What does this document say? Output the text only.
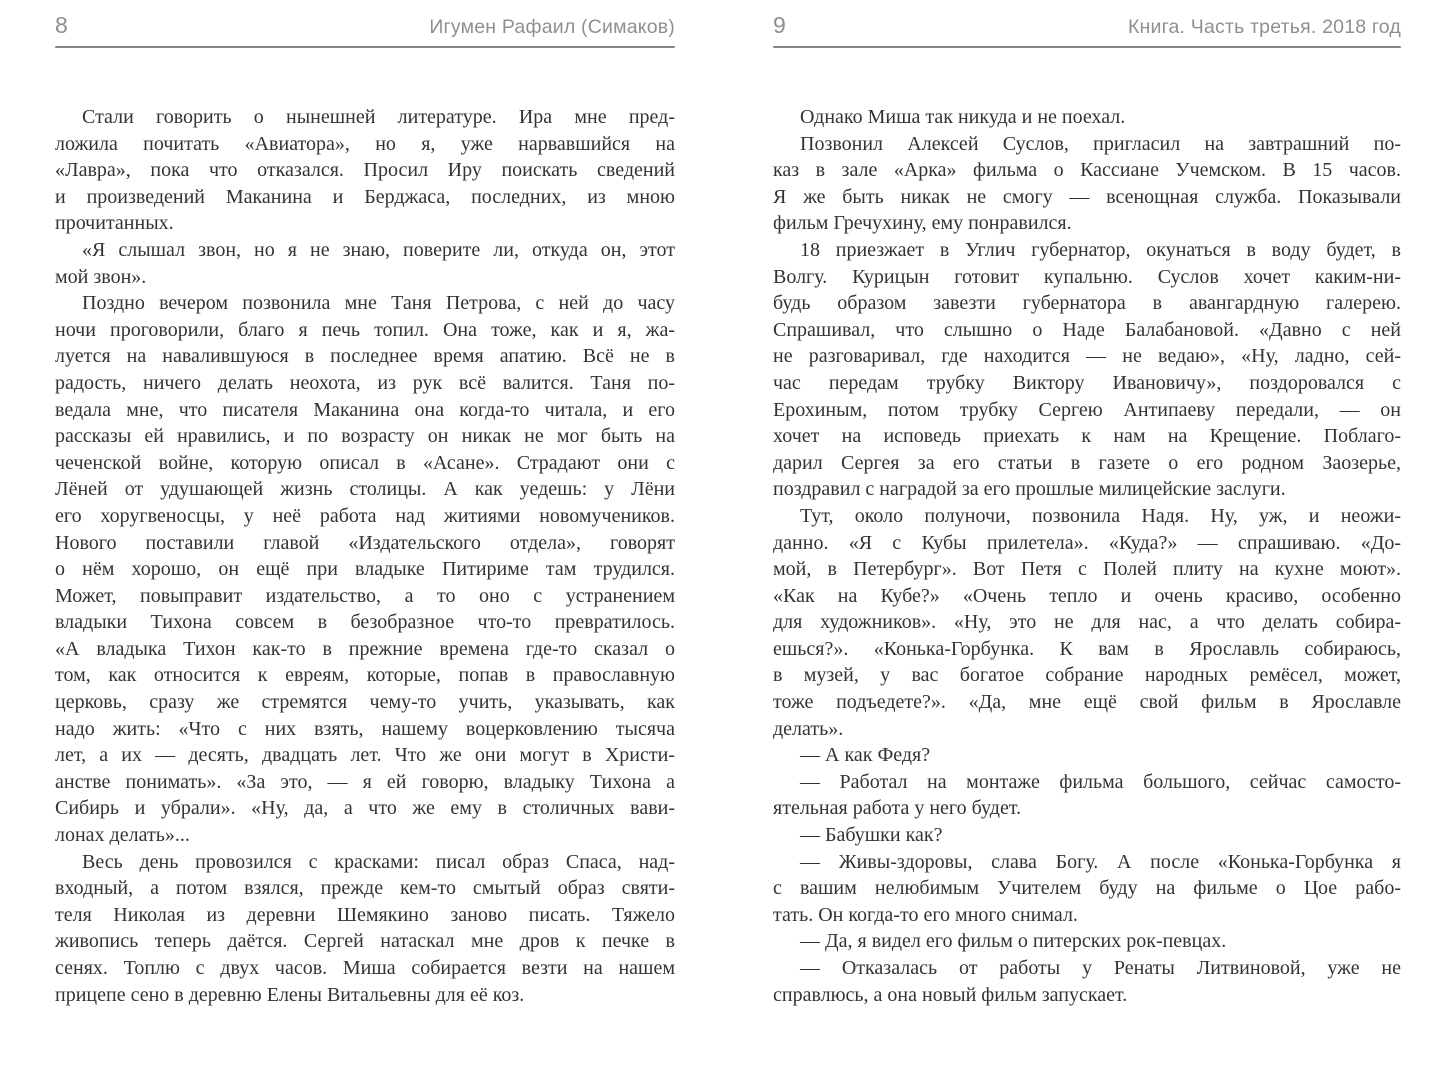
8	Игумен Рафаил (Симаков)
Стали говорить о нынешней литературе. Ира мне пред-
ложила почитать «Авиатора», но я, уже нарвавшийся на
«Лавра», пока что отказался. Просил Иру поискать сведений
и произведений Маканина и Берджаса, последних, из мною
прочитанных.
«Я слышал звон, но я не знаю, поверите ли, откуда он, этот
мой звон».
Поздно вечером позвонила мне Таня Петрова, с ней до часу
ночи проговорили, благо я печь топил. Она тоже, как и я, жа-
луется на навалившуюся в последнее время апатию. Всё не в
радость, ничего делать неохота, из рук всё валится. Таня по-
ведала мне, что писателя Маканина она когда-то читала, и его
рассказы ей нравились, и по возрасту он никак не мог быть на
чеченской войне, которую описал в «Асане». Страдают они с
Лёней от удушающей жизнь столицы. А как уедешь: у Лёни
его хоругвеносцы, у неё работа над житиями новомучеников.
Нового поставили главой «Издательского отдела», говорят
о нём хорошо, он ещё при владыке Питириме там трудился.
Может, повыправит издательство, а то оно с устранением
владыки Тихона совсем в безобразное что-то превратилось.
«А владыка Тихон как-то в прежние времена где-то сказал о
том, как относится к евреям, которые, попав в православную
церковь, сразу же стремятся чему-то учить, указывать, как
надо жить: «Что с них взять, нашему воцерковлению тысяча
лет, а их — десять, двадцать лет. Что же они могут в Христи-
анстве понимать». «За это, — я ей говорю, владыку Тихона а
Сибирь и убрали». «Ну, да, а что же ему в столичных вави-
лонах делать»...
Весь день провозился с красками: писал образ Спаса, над-
входный, а потом взялся, прежде кем-то смытый образ святи-
теля Николая из деревни Шемякино заново писать. Тяжело
живопись теперь даётся. Сергей натаскал мне дров к печке в
сенях. Топлю с двух часов. Миша собирается везти на нашем
прицепе сено в деревню Елены Витальевны для её коз.
9	Книга. Часть третья. 2018 год
Однако Миша так никуда и не поехал.
Позвонил Алексей Суслов, пригласил на завтрашний по-
каз в зале «Арка» фильма о Кассиане Учемском. В 15 часов.
Я же быть никак не смогу — всенощная служба. Показывали
фильм Гречухину, ему понравился.
18 приезжает в Углич губернатор, окунаться в воду будет, в
Волгу. Курицын готовит купальню. Суслов хочет каким-ни-
будь образом завезти губернатора в авангардную галерею.
Спрашивал, что слышно о Наде Балабановой. «Давно с ней
не разговаривал, где находится — не ведаю», «Ну, ладно, сей-
час передам трубку Виктору Ивановичу», поздоровался с
Ерохиным, потом трубку Сергею Антипаеву передали, — он
хочет на исповедь приехать к нам на Крещение. Поблаго-
дарил Сергея за его статьи в газете о его родном Заозерье,
поздравил с наградой за его прошлые милицейские заслуги.
Тут, около полуночи, позвонила Надя. Ну, уж, и неожи-
данно. «Я с Кубы прилетела». «Куда?» — спрашиваю. «До-
мой, в Петербург». Вот Петя с Полей плиту на кухне моют».
«Как на Кубе?» «Очень тепло и очень красиво, особенно
для художников». «Ну, это не для нас, а что делать собира-
ешься?». «Конька-Горбунка. К вам в Ярославль собираюсь,
в музей, у вас богатое собрание народных ремёсел, может,
тоже подъедете?». «Да, мне ещё свой фильм в Ярославле
делать».
— А как Федя?
— Работал на монтаже фильма большого, сейчас самосто-
ятельная работа у него будет.
— Бабушки как?
— Живы-здоровы, слава Богу. А после «Конька-Горбунка я
с вашим нелюбимым Учителем буду на фильме о Цое рабо-
тать. Он когда-то его много снимал.
— Да, я видел его фильм о питерских рок-певцах.
— Отказалась от работы у Ренаты Литвиновой, уже не
справлюсь, а она новый фильм запускает.
